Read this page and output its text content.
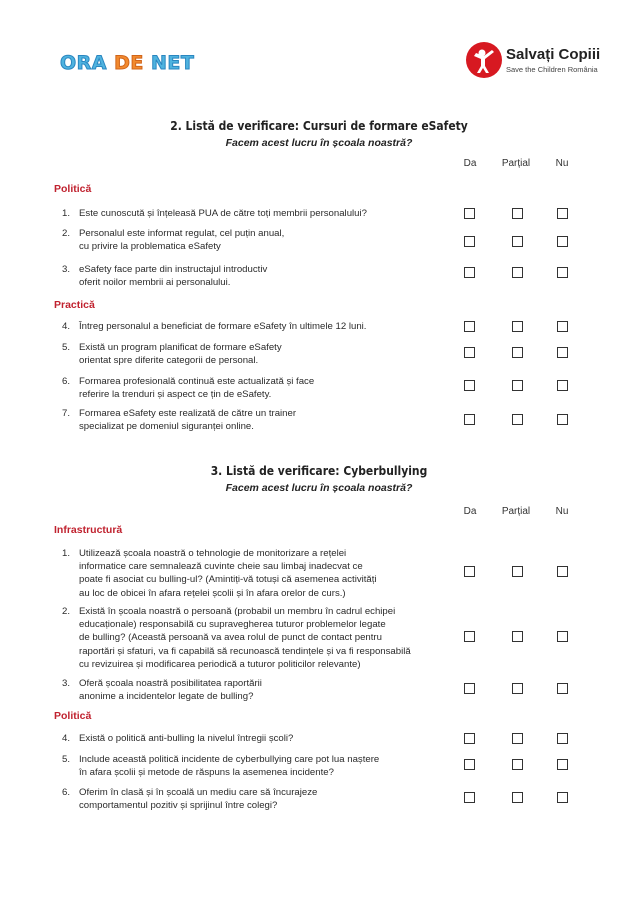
ORA DE NET	Salvați Copiii
Save the Children România
2. Listă de verificare: Cursuri de formare eSafety
Facem acest lucru în școala noastră?
Da	Parțial	Nu
Politică
1. Este cunoscută și înțeleasă PUA de către toți membrii personalului?
2. Personalul este informat regulat, cel puțin anual,
cu privire la problematica eSafety
3. eSafety face parte din instructajul introductiv
oferit noilor membrii ai personalului.
Practică
4. Întreg personalul a beneficiat de formare eSafety în ultimele 12 luni.
5. Există un program planificat de formare eSafety
orientat spre diferite categorii de personal.
6. Formarea profesională continuă este actualizată și face
referire la trenduri și aspect ce țin de eSafety.
7. Formarea eSafety este realizată de către un trainer
specializat pe domeniul siguranței online.
3. Listă de verificare: Cyberbullying
Facem acest lucru în școala noastră?
Da	Parțial	Nu
Infrastructură
1. Utilizează școala noastră o tehnologie de monitorizare a rețelei
informatice care semnalează cuvinte cheie sau limbaj inadecvat ce
poate fi asociat cu bulling-ul? (Amintiți-vă totuși că asemenea activități
au loc de obicei în afara rețelei școlii și în afara orelor de curs.)
2. Există în școala noastră o persoană (probabil un membru în cadrul echipei
educaționale) responsabilă cu supravegherea tuturor problemelor legate
de bulling? (Această persoană va avea rolul de punct de contact pentru
raportări și sfaturi, va fi capabilă să recunoască tendințele și va fi responsabilă
cu revizuirea și modificarea periodică a tuturor politicilor relevante)
3. Oferă școala noastră posibilitatea raportării
anonime a incidentelor legate de bulling?
Politică
4. Există o politică anti-bulling la nivelul întregii școli?
5. Include această politică incidente de cyberbullying care pot lua naștere
în afara școlii și metode de răspuns la asemenea incidente?
6. Oferim în clasă și în școală un mediu care să încurajeze
comportamentul pozitiv și sprijinul între colegi?
